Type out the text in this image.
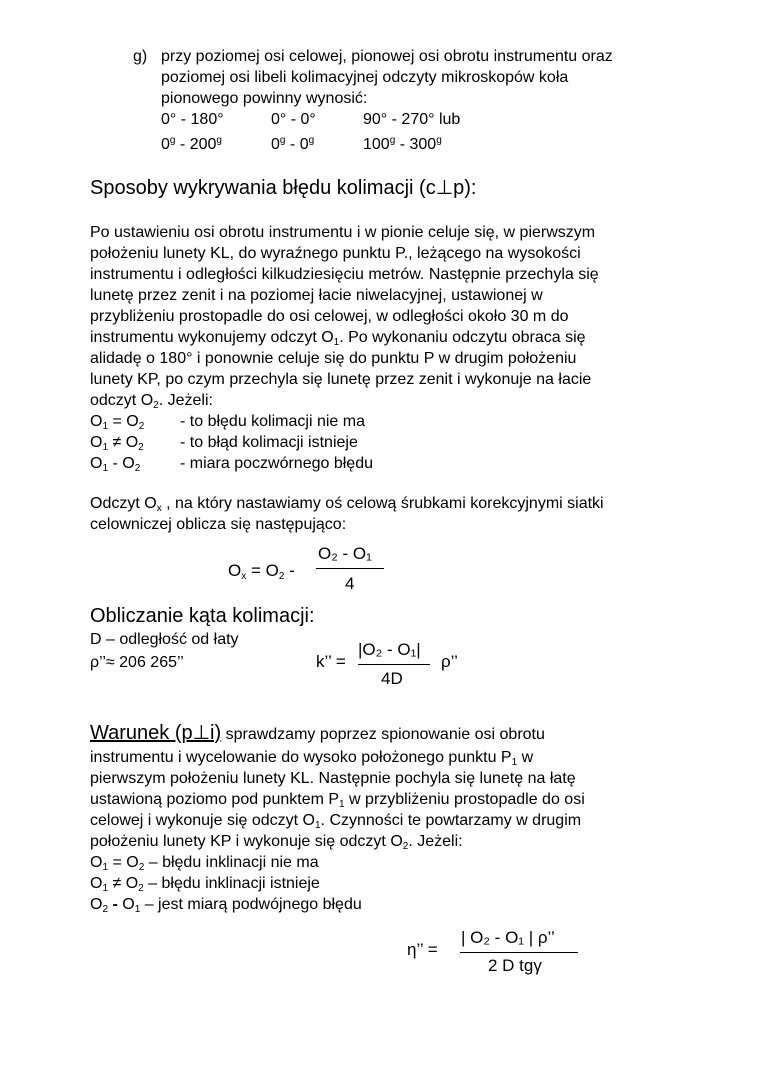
g) przy poziomej osi celowej, pionowej osi obrotu instrumentu oraz
poziomej osi libeli kolimacyjnej odczyty mikroskopów koła
pionowego powinny wynosić:
0° - 180°	0° - 0°	90° - 270° lub
0$^g$ - 200$^g$	0$^g$ - 0$^g$	100$^g$ - 300$^g$
Sposoby wykrywania błędu kolimacji (c⊥p):
Po ustawieniu osi obrotu instrumentu i w pionie celuje się, w pierwszym
położeniu lunety KL, do wyraźnego punktu P., leżącego na wysokości
instrumentu i odległości kilkudziesięciu metrów. Następnie przechyla się
lunetę przez zenit i na poziomej łacie niwelacyjnej, ustawionej w
przybliżeniu prostopadle do osi celowej, w odległości około 30 m do
instrumentu wykonujemy odczyt $O_1$. Po wykonaniu odczytu obraca się
alidadę o 180° i ponownie celuje się do punktu P w drugim położeniu
lunety KP, po czym przechyla się lunetę przez zenit i wykonuje na łacie
odczyt $O_2$. Jeżeli:
$O_1 = O_2$ - to błędu kolimacji nie ma
$O_1 \ne O_2$ - to błąd kolimacji istnieje
$O_1 - O_2$ - miara poczwórnego błędu
Odczyt $O_x$ , na który nastawiamy oś celową śrubkami korekcyjnymi siatki
celowniczej oblicza się następująco:
$O_x = O_2$ -
O₂ - O₁
4
Obliczanie kąta kolimacji:
D – odległość od łaty
ρ’’≈ 206 265’’	k’’ =
|O₂ - O₁|
4D
ρ’’
Warunek (p⊥i) sprawdzamy poprzez spionowanie osi obrotu
instrumentu i wycelowanie do wysoko położonego punktu $P_1$ w
pierwszym położeniu lunety KL. Następnie pochyla się lunetę na łatę
ustawioną poziomo pod punktem $P_1$ w przybliżeniu prostopadle do osi
celowej i wykonuje się odczyt $O_1$. Czynności te powtarzamy w drugim
położeniu lunety KP i wykonuje się odczyt $O_2$. Jeżeli:
$O_1 = O_2$ – błędu inklinacji nie ma
$O_1 \ne O_2$ – błędu inklinacji istnieje
$O_2 - O_1$ – jest miarą podwójnego błędu
η’’ =
| O₂ - O₁ | ρ’’
2 D tgγ
